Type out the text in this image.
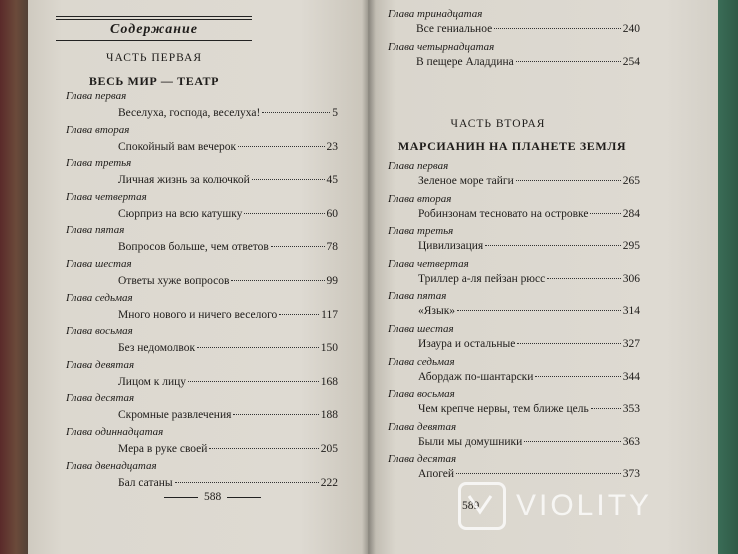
Содержание
ЧАСТЬ ПЕРВАЯ
ВЕСЬ МИР — ТЕАТР
Глава первая
Веселуха, господа, веселуха!	5
Глава вторая
Спокойный вам вечерок	23
Глава третья
Личная жизнь за колючкой	45
Глава четвертая
Сюрприз на всю катушку	60
Глава пятая
Вопросов больше, чем ответов	78
Глава шестая
Ответы хуже вопросов	99
Глава седьмая
Много нового и ничего веселого	117
Глава восьмая
Без недомолвок	150
Глава девятая
Лицом к лицу	168
Глава десятая
Скромные развлечения	188
Глава одиннадцатая
Мера в руке своей	205
Глава двенадцатая
Бал сатаны	222
588
Глава тринадцатая
Все гениальное	240
Глава четырнадцатая
В пещере Аладдина	254
ЧАСТЬ ВТОРАЯ
МАРСИАНИН НА ПЛАНЕТЕ ЗЕМЛЯ
Глава первая
Зеленое море тайги	265
Глава вторая
Робинзонам тесновато на островке	284
Глава третья
Цивилизация	295
Глава четвертая
Триллер а-ля пейзан рюсс	306
Глава пятая
«Язык»	314
Глава шестая
Изаура и остальные	327
Глава седьмая
Абордаж по-шантарски	344
Глава восьмая
Чем крепче нервы, тем ближе цель	353
Глава девятая
Были мы домушники	363
Глава десятая
Апогей	373
589 VIOLITY
